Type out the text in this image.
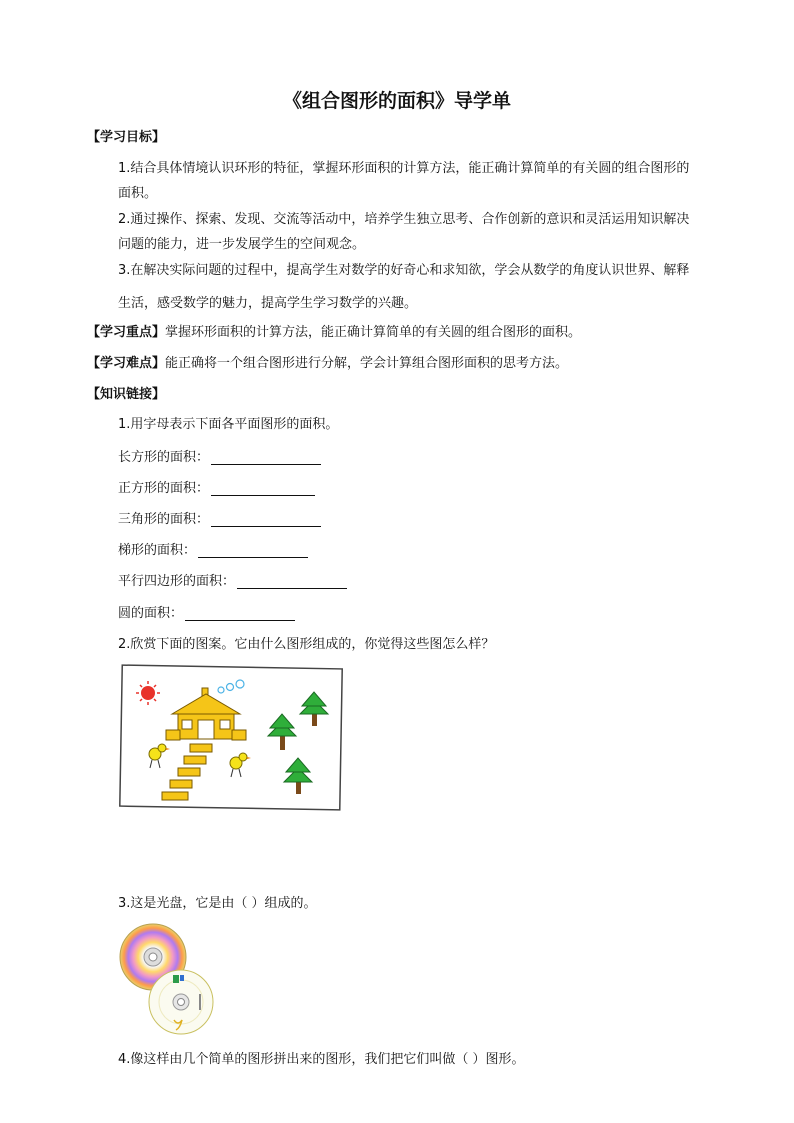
《组合图形的面积》导学单
【学习目标】
1.结合具体情境认识环形的特征，掌握环形面积的计算方法，能正确计算简单的有关圆的组合图形的
面积。
2.通过操作、探索、发现、交流等活动中，培养学生独立思考、合作创新的意识和灵活运用知识解决
问题的能力，进一步发展学生的空间观念。
3.在解决实际问题的过程中，提高学生对数学的好奇心和求知欲，学会从数学的角度认识世界、解释
生活，感受数学的魅力，提高学生学习数学的兴趣。
【学习重点】掌握环形面积的计算方法，能正确计算简单的有关圆的组合图形的面积。
【学习难点】能正确将一个组合图形进行分解，学会计算组合图形面积的思考方法。
【知识链接】
1.用字母表示下面各平面图形的面积。
长方形的面积：
正方形的面积：
三角形的面积：
梯形的面积：
平行四边形的面积：
圆的面积：
2.欣赏下面的图案。它由什么图形组成的，你觉得这些图怎么样？
3.这是光盘，它是由（ ）组成的。
4.像这样由几个简单的图形拼出来的图形，我们把它们叫做（ ）图形。
